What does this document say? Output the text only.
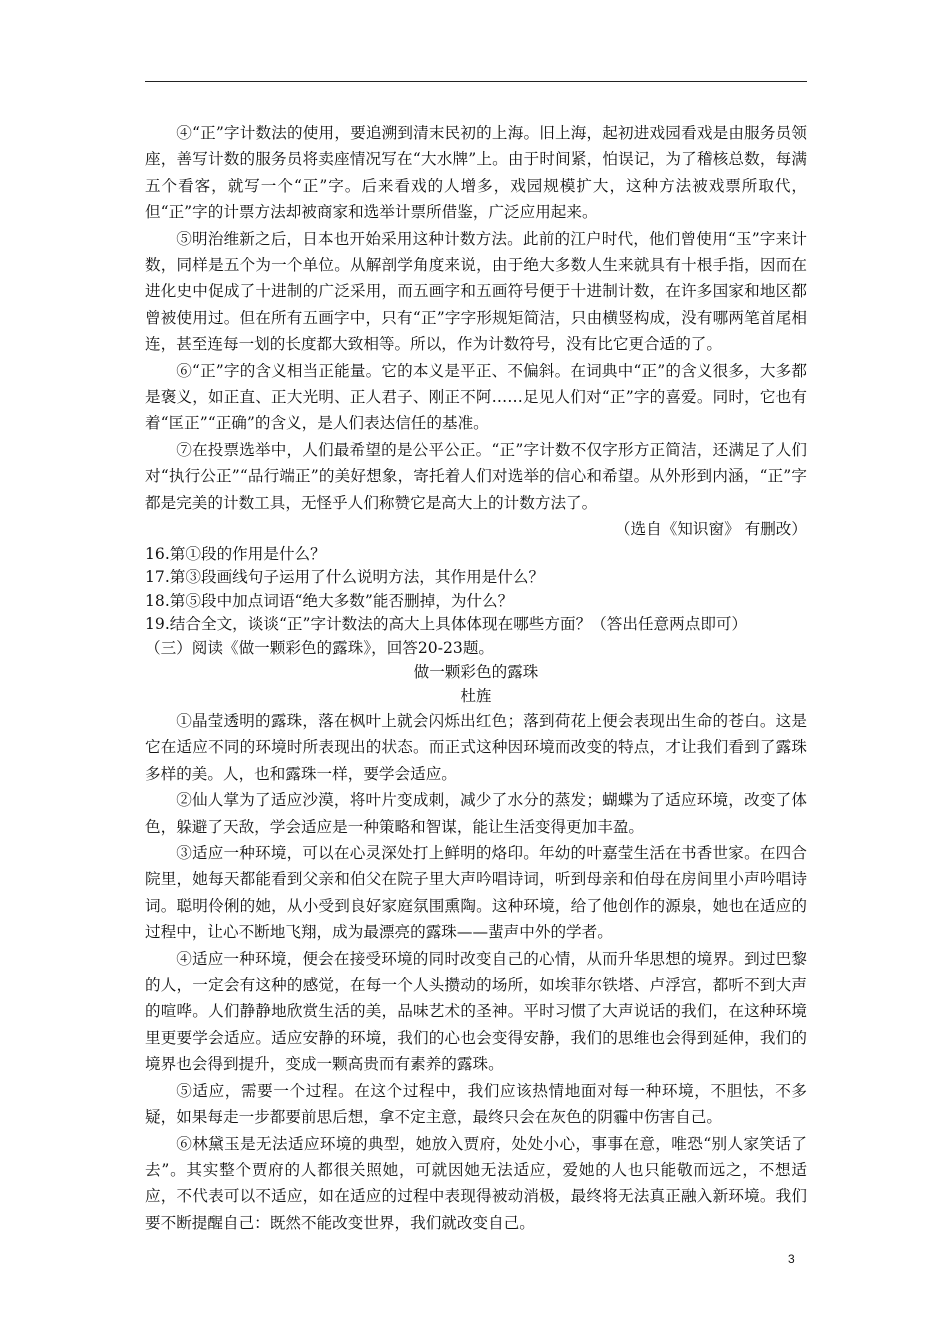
④“正”字计数法的使用，要追溯到清末民初的上海。旧上海，起初进戏园看戏是由服务员领座，善写计数的服务员将卖座情况写在“大水牌”上。由于时间紧，怕误记，为了稽核总数，每满五个看客，就写一个“正”字。后来看戏的人增多，戏园规模扩大，这种方法被戏票所取代，但“正”字的计票方法却被商家和选举计票所借鉴，广泛应用起来。

⑤明治维新之后，日本也开始采用这种计数方法。此前的江户时代，他们曾使用“玉”字来计数，同样是五个为一个单位。从解剖学角度来说，由于绝大多数人生来就具有十根手指，因而在进化史中促成了十进制的广泛采用，而五画字和五画符号便于十进制计数，在许多国家和地区都曾被使用过。但在所有五画字中，只有“正”字字形规矩简洁，只由横竖构成，没有哪两笔首尾相连，甚至连每一划的长度都大致相等。所以，作为计数符号，没有比它更合适的了。

⑥“正”字的含义相当正能量。它的本义是平正、不偏斜。在词典中“正”的含义很多，大多都是褒义，如正直、正大光明、正人君子、刚正不阿……足见人们对“正”字的喜爱。同时，它也有着“匡正”“正确”的含义，是人们表达信任的基准。

⑦在投票选举中，人们最希望的是公平公正。“正”字计数不仅字形方正简洁，还满足了人们对“执行公正”“品行端正”的美好想象，寄托着人们对选举的信心和希望。从外形到内涵，“正”字都是完美的计数工具，无怪乎人们称赞它是高大上的计数方法了。

（选自《知识窗》 有删改）

16.第①段的作用是什么？

17.第③段画线句子运用了什么说明方法，其作用是什么？

18.第⑤段中加点词语“绝大多数”能否删掉，为什么？

19.结合全文，谈谈“正”字计数法的高大上具体体现在哪些方面？（答出任意两点即可）

（三）阅读《做一颗彩色的露珠》，回答20-23题。

做一颗彩色的露珠

杜旌

①晶莹透明的露珠，落在枫叶上就会闪烁出红色；落到荷花上便会表现出生命的苍白。这是它在适应不同的环境时所表现出的状态。而正式这种因环境而改变的特点，才让我们看到了露珠多样的美。人，也和露珠一样，要学会适应。

②仙人掌为了适应沙漠，将叶片变成刺，减少了水分的蒸发；蝴蝶为了适应环境，改变了体色，躲避了天敌，学会适应是一种策略和智谋，能让生活变得更加丰盈。

③适应一种环境，可以在心灵深处打上鲜明的烙印。年幼的叶嘉莹生活在书香世家。在四合院里，她每天都能看到父亲和伯父在院子里大声吟唱诗词，听到母亲和伯母在房间里小声吟唱诗词。聪明伶俐的她，从小受到良好家庭氛围熏陶。这种环境，给了他创作的源泉，她也在适应的过程中，让心不断地飞翔，成为最漂亮的露珠——蜚声中外的学者。

④适应一种环境，便会在接受环境的同时改变自己的心情，从而升华思想的境界。到过巴黎的人，一定会有这种的感觉，在每一个人头攒动的场所，如埃菲尔铁塔、卢浮宫，都听不到大声的喧哗。人们静静地欣赏生活的美，品味艺术的圣神。平时习惯了大声说话的我们，在这种环境里更要学会适应。适应安静的环境，我们的心也会变得安静，我们的思维也会得到延伸，我们的境界也会得到提升，变成一颗高贵而有素养的露珠。

⑤适应，需要一个过程。在这个过程中，我们应该热情地面对每一种环境，不胆怯，不多疑，如果每走一步都要前思后想，拿不定主意，最终只会在灰色的阴霾中伤害自己。

⑥林黛玉是无法适应环境的典型，她放入贾府，处处小心，事事在意，唯恐“别人家笑话了去”。其实整个贾府的人都很关照她，可就因她无法适应，爱她的人也只能敬而远之，不想适应，不代表可以不适应，如在适应的过程中表现得被动消极，最终将无法真正融入新环境。我们要不断提醒自己：既然不能改变世界，我们就改变自己。

3
